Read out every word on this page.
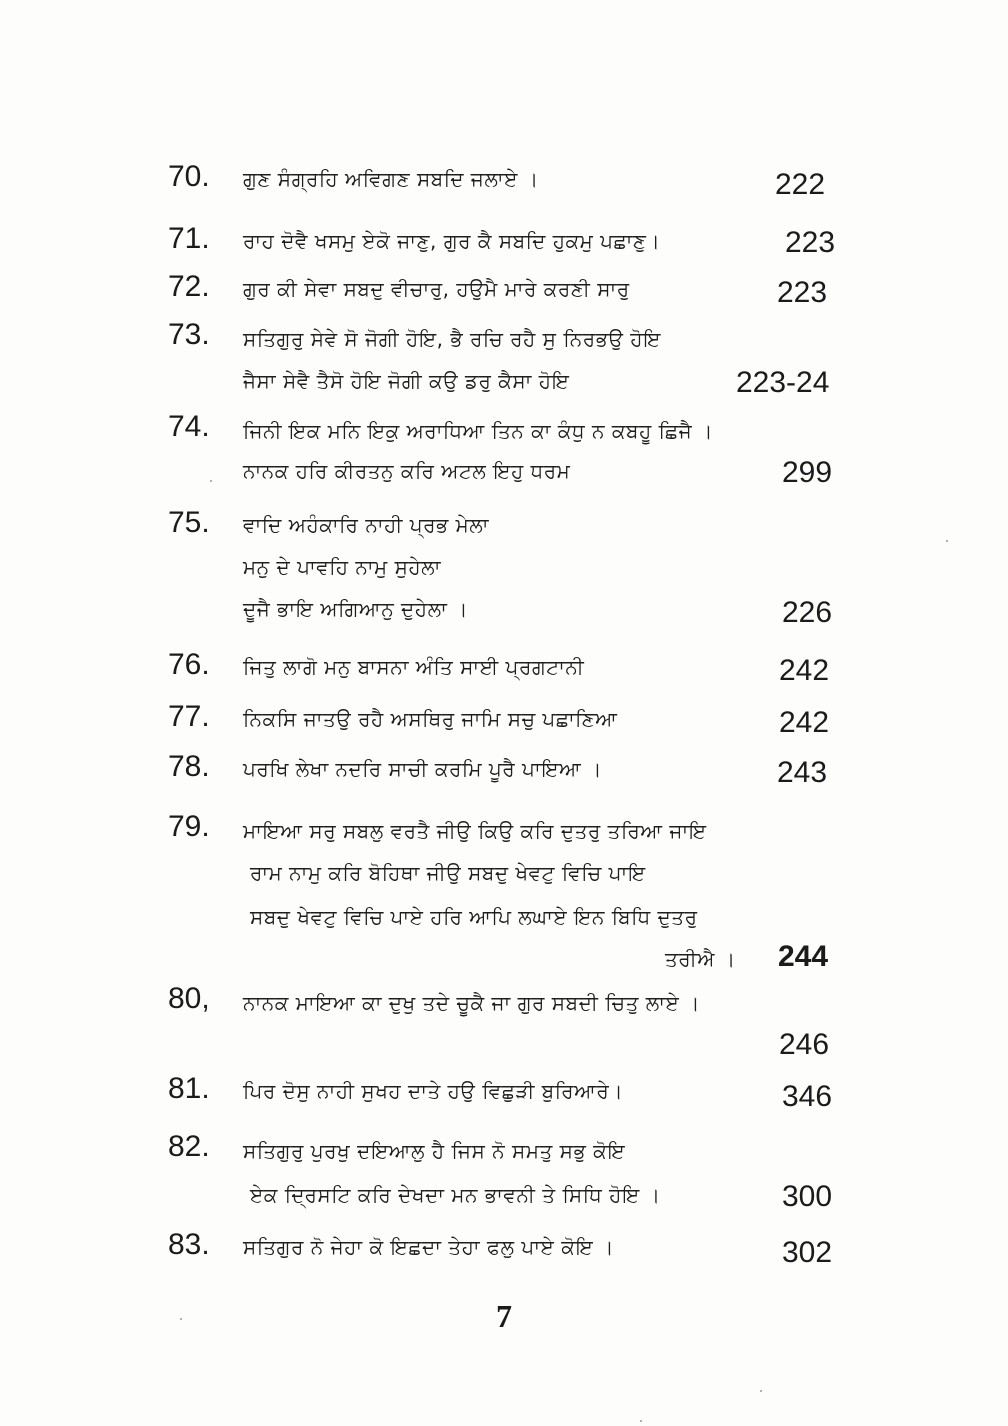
70. ਗੁਣ ਸੰਗ੍ਰਹਿ ਅਵਿਗਣ ਸਬਦਿ ਜਲਾਏ ।	222
71. ਰਾਹ ਦੋਵੈ ਖਸਮੁ ਏਕੋ ਜਾਣੁ, ਗੁਰ ਕੈ ਸਬਦਿ ਹੁਕਮੁ ਪਛਾਣੁ।	223
72. ਗੁਰ ਕੀ ਸੇਵਾ ਸਬਦੁ ਵੀਚਾਰੁ, ਹਉਮੈ ਮਾਰੇ ਕਰਣੀ ਸਾਰੁ	223
73. ਸਤਿਗੁਰੁ ਸੇਵੇ ਸੋ ਜੋਗੀ ਹੋਇ, ਭੈ ਰਚਿ ਰਹੈ ਸੁ ਨਿਰਭਉ ਹੋਇ
ਜੈਸਾ ਸੇਵੈ ਤੈਸੋ ਹੋਇ ਜੋਗੀ ਕਉ ਡਰੁ ਕੈਸਾ ਹੋਇ	223-24
74. ਜਿਨੀ ਇਕ ਮਨਿ ਇਕੁ ਅਰਾਧਿਆ ਤਿਨ ਕਾ ਕੰਧੁ ਨ ਕਬਹੂ ਛਿਜੈ ।
ਨਾਨਕ ਹਰਿ ਕੀਰਤਨੁ ਕਰਿ ਅਟਲ ਇਹੁ ਧਰਮ	299
75. ਵਾਦਿ ਅਹੰਕਾਰਿ ਨਾਹੀ ਪ੍ਰਭ ਮੇਲਾ
ਮਨੁ ਦੇ ਪਾਵਹਿ ਨਾਮੁ ਸੁਹੇਲਾ
ਦੂਜੈ ਭਾਇ ਅਗਿਆਨੁ ਦੁਹੇਲਾ ।	226
76. ਜਿਤੁ ਲਾਗੋ ਮਨੁ ਬਾਸਨਾ ਅੰਤਿ ਸਾਈ ਪ੍ਰਗਟਾਨੀ	242
77. ਨਿਕਸਿ ਜਾਤਉ ਰਹੈ ਅਸਥਿਰੁ ਜਾਮਿ ਸਚੁ ਪਛਾਣਿਆ	242
78. ਪਰਖਿ ਲੇਖਾ ਨਦਰਿ ਸਾਚੀ ਕਰਮਿ ਪੂਰੈ ਪਾਇਆ ।	243
79. ਮਾਇਆ ਸਰੁ ਸਬਲੁ ਵਰਤੈ ਜੀਉ ਕਿਉ ਕਰਿ ਦੁਤਰੁ ਤਰਿਆ ਜਾਇ
ਰਾਮ ਨਾਮੁ ਕਰਿ ਬੋਹਿਥਾ ਜੀਉ ਸਬਦੁ ਖੇਵਟੁ ਵਿਚਿ ਪਾਇ
ਸਬਦੁ ਖੇਵਟੁ ਵਿਚਿ ਪਾਏ ਹਰਿ ਆਪਿ ਲਘਾਏ ਇਨ ਬਿਧਿ ਦੁਤਰੁ
ਤਰੀਐ । 244
80, ਨਾਨਕ ਮਾਇਆ ਕਾ ਦੁਖੁ ਤਦੇ ਚੂਕੈ ਜਾ ਗੁਰ ਸਬਦੀ ਚਿਤੁ ਲਾਏ ।
246
81. ਪਿਰ ਦੋਸੁ ਨਾਹੀ ਸੁਖਹ ਦਾਤੇ ਹਉ ਵਿਛੁੜੀ ਬੁਰਿਆਰੇ।	346
82. ਸਤਿਗੁਰੁ ਪੁਰਖੁ ਦਇਆਲੁ ਹੈ ਜਿਸ ਨੋ ਸਮਤੁ ਸਭੁ ਕੋਇ
ਏਕ ਦ੍ਰਿਸਟਿ ਕਰਿ ਦੇਖਦਾ ਮਨ ਭਾਵਨੀ ਤੇ ਸਿਧਿ ਹੋਇ ।	300
83. ਸਤਿਗੁਰ ਨੋ ਜੇਹਾ ਕੋ ਇਛਦਾ ਤੇਹਾ ਫਲੁ ਪਾਏ ਕੋਇ ।	302
7
